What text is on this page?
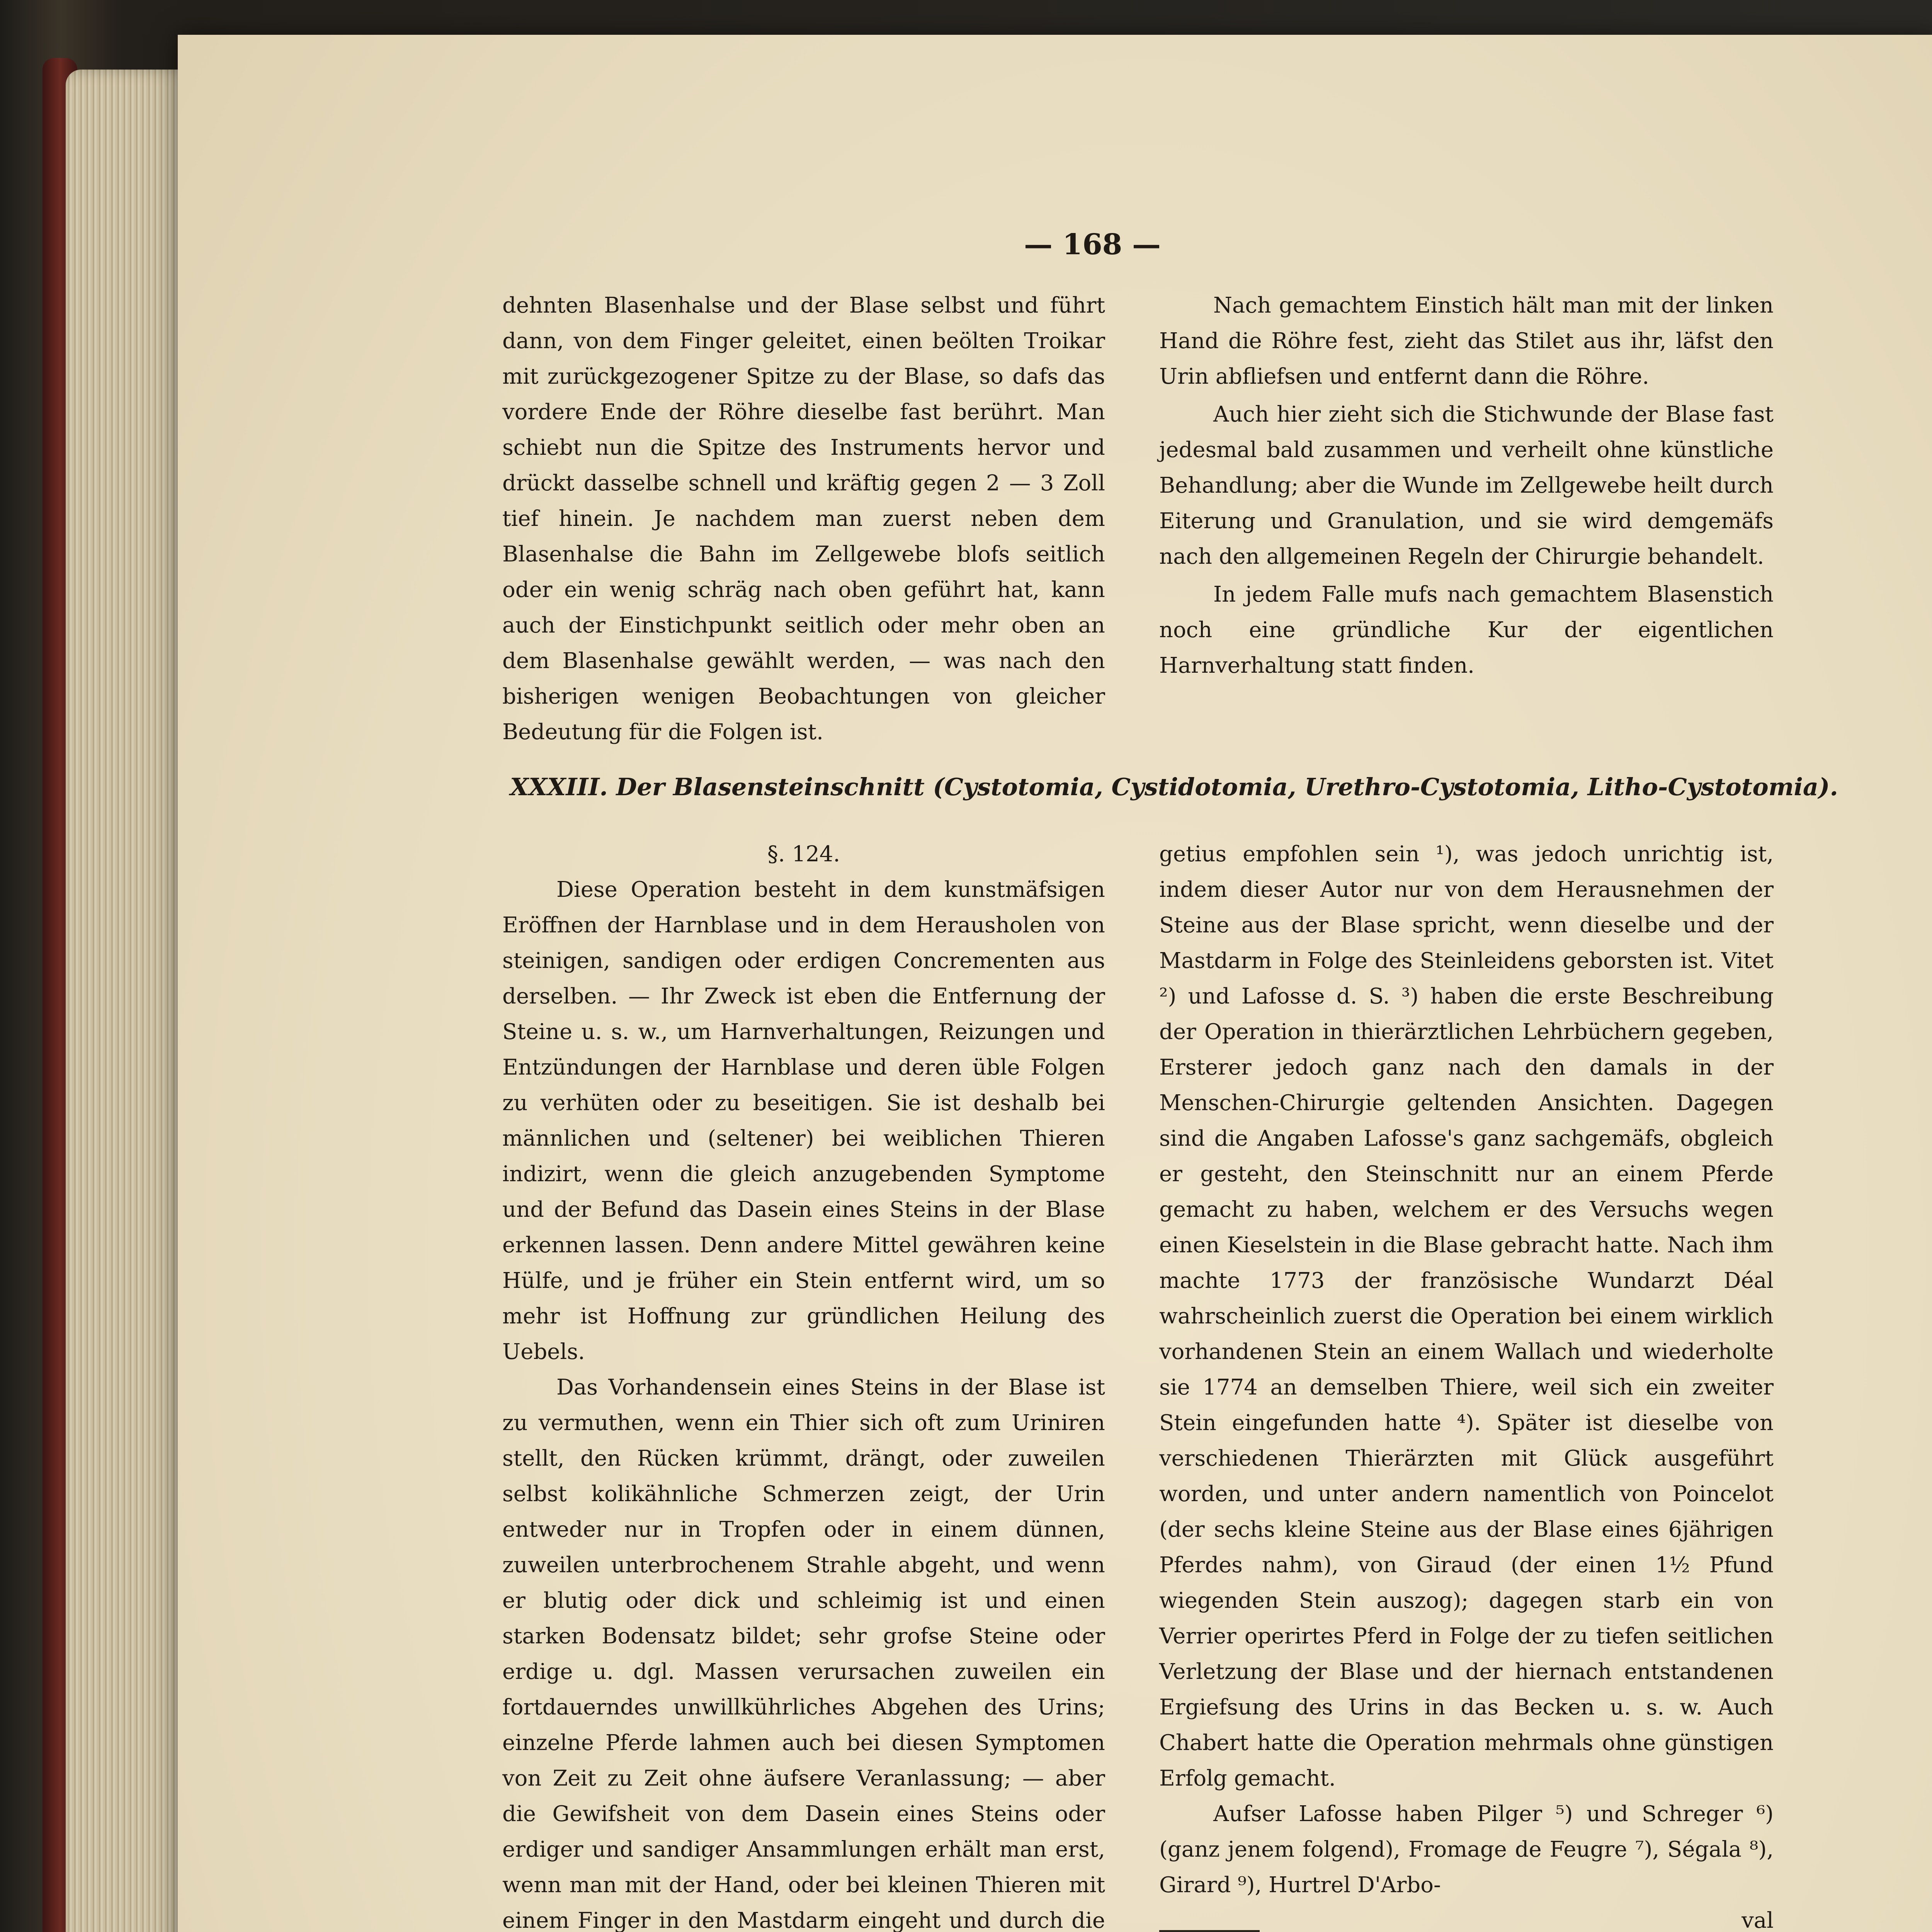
— 168 —

dehnten Blasenhalse und der Blase selbst und führt dann, von dem Finger geleitet, einen beölten Troikar mit zurückgezogener Spitze zu der Blase, so dafs das vordere Ende der Röhre dieselbe fast berührt. Man schiebt nun die Spitze des Instruments hervor und drückt dasselbe schnell und kräftig gegen 2 — 3 Zoll tief hinein. Je nachdem man zuerst neben dem Blasenhalse die Bahn im Zellgewebe blofs seitlich oder ein wenig schräg nach oben geführt hat, kann auch der Einstichpunkt seitlich oder mehr oben an dem Blasenhalse gewählt werden, — was nach den bisherigen wenigen Beobachtungen von gleicher Bedeutung für die Folgen ist.

Nach gemachtem Einstich hält man mit der linken Hand die Röhre fest, zieht das Stilet aus ihr, läfst den Urin abfliefsen und entfernt dann die Röhre.

Auch hier zieht sich die Stichwunde der Blase fast jedesmal bald zusammen und verheilt ohne künstliche Behandlung; aber die Wunde im Zellgewebe heilt durch Eiterung und Granulation, und sie wird demgemäfs nach den allgemeinen Regeln der Chirurgie behandelt.

In jedem Falle mufs nach gemachtem Blasenstich noch eine gründliche Kur der eigentlichen Harnverhaltung statt finden.

XXXIII. Der Blasensteinschnitt (Cystotomia, Cystidotomia, Urethro-Cystotomia, Litho-Cystotomia).

§. 124.

Diese Operation besteht in dem kunstmäfsigen Eröffnen der Harnblase und in dem Herausholen von steinigen, sandigen oder erdigen Concrementen aus derselben. — Ihr Zweck ist eben die Entfernung der Steine u. s. w., um Harnverhaltungen, Reizungen und Entzündungen der Harnblase und deren üble Folgen zu verhüten oder zu beseitigen. Sie ist deshalb bei männlichen und (seltener) bei weiblichen Thieren indizirt, wenn die gleich anzugebenden Symptome und der Befund das Dasein eines Steins in der Blase erkennen lassen. Denn andere Mittel gewähren keine Hülfe, und je früher ein Stein entfernt wird, um so mehr ist Hoffnung zur gründlichen Heilung des Uebels.

Das Vorhandensein eines Steins in der Blase ist zu vermuthen, wenn ein Thier sich oft zum Uriniren stellt, den Rücken krümmt, drängt, oder zuweilen selbst kolikähnliche Schmerzen zeigt, der Urin entweder nur in Tropfen oder in einem dünnen, zuweilen unterbrochenem Strahle abgeht, und wenn er blutig oder dick und schleimig ist und einen starken Bodensatz bildet; sehr grofse Steine oder erdige u. dgl. Massen verursachen zuweilen ein fortdauerndes unwillkührliches Abgehen des Urins; einzelne Pferde lahmen auch bei diesen Symptomen von Zeit zu Zeit ohne äufsere Veranlassung; — aber die Gewifsheit von dem Dasein eines Steins oder erdiger und sandiger Ansammlungen erhält man erst, wenn man mit der Hand, oder bei kleinen Thieren mit einem Finger in den Mastdarm eingeht und durch die

getius empfohlen sein ¹), was jedoch unrichtig ist, indem dieser Autor nur von dem Herausnehmen der Steine aus der Blase spricht, wenn dieselbe und der Mastdarm in Folge des Steinleidens geborsten ist. Vitet ²) und Lafosse d. S. ³) haben die erste Beschreibung der Operation in thierärztlichen Lehrbüchern gegeben, Ersterer jedoch ganz nach den damals in der Menschen-Chirurgie geltenden Ansichten. Dagegen sind die Angaben Lafosse's ganz sachgemäfs, obgleich er gesteht, den Steinschnitt nur an einem Pferde gemacht zu haben, welchem er des Versuchs wegen einen Kieselstein in die Blase gebracht hatte. Nach ihm machte 1773 der französische Wundarzt Déal wahrscheinlich zuerst die Operation bei einem wirklich vorhandenen Stein an einem Wallach und wiederholte sie 1774 an demselben Thiere, weil sich ein zweiter Stein eingefunden hatte ⁴). Später ist dieselbe von verschiedenen Thierärzten mit Glück ausgeführt worden, und unter andern namentlich von Poincelot (der sechs kleine Steine aus der Blase eines 6jährigen Pferdes nahm), von Giraud (der einen 1½ Pfund wiegenden Stein auszog); dagegen starb ein von Verrier operirtes Pferd in Folge der zu tiefen seitlichen Verletzung der Blase und der hiernach entstandenen Ergiefsung des Urins in das Becken u. s. w. Auch Chabert hatte die Operation mehrmals ohne günstigen Erfolg gemacht.

Aufser Lafosse haben Pilger ⁵) und Schreger ⁶) (ganz jenem folgend), Fromage de Feugre ⁷), Ségala ⁸), Girard ⁹), Hurtrel D'Arbo-

val
